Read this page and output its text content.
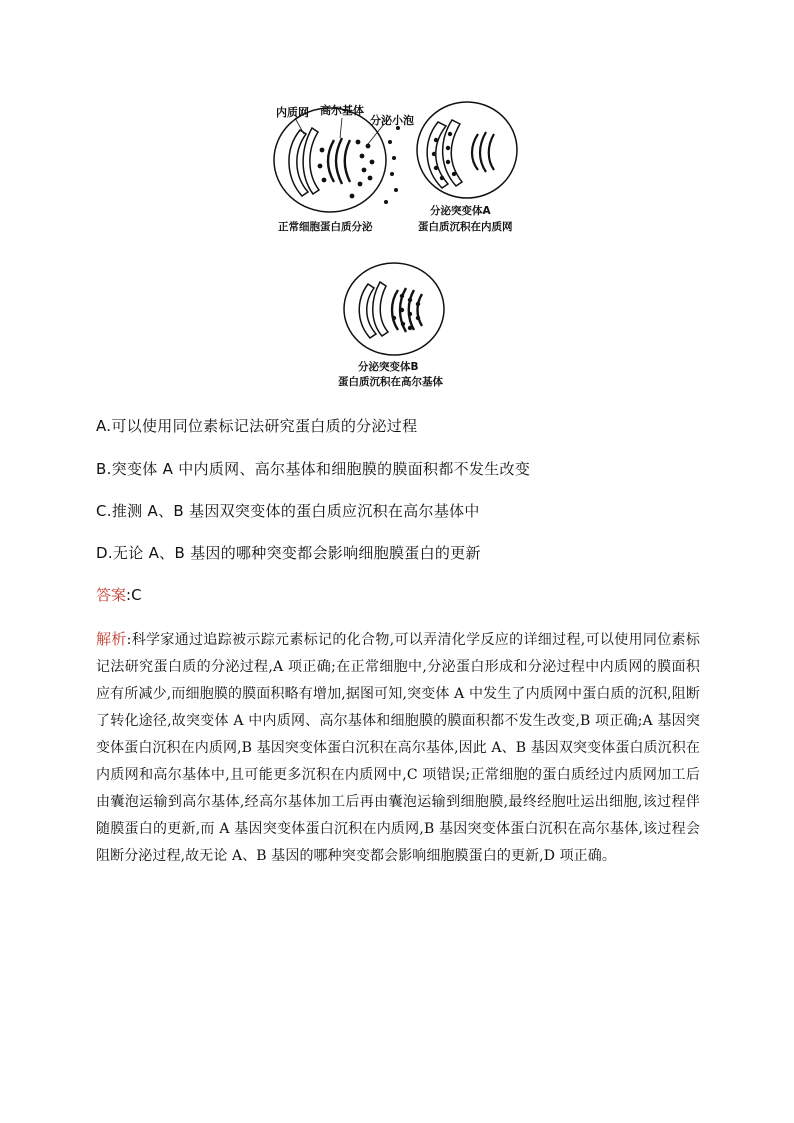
内质网 高尔基体
分泌小泡
正常细胞蛋白质分泌
分泌突变体A
蛋白质沉积在内质网
分泌突变体B
蛋白质沉积在高尔基体
A.可以使用同位素标记法研究蛋白质的分泌过程
B.突变体 A 中内质网、高尔基体和细胞膜的膜面积都不发生改变
C.推测 A、B 基因双突变体的蛋白质应沉积在高尔基体中
D.无论 A、B 基因的哪种突变都会影响细胞膜蛋白的更新
答案:C
解析:科学家通过追踪被示踪元素标记的化合物,可以弄清化学反应的详细过程,可以使用同位素标记法研究蛋白质的分泌过程,A 项正确;在正常细胞中,分泌蛋白形成和分泌过程中内质网的膜面积应有所减少,而细胞膜的膜面积略有增加,据图可知,突变体 A 中发生了内质网中蛋白质的沉积,阻断了转化途径,故突变体 A 中内质网、高尔基体和细胞膜的膜面积都不发生改变,B 项正确;A 基因突变体蛋白沉积在内质网,B 基因突变体蛋白沉积在高尔基体,因此 A、B 基因双突变体蛋白质沉积在内质网和高尔基体中,且可能更多沉积在内质网中,C 项错误;正常细胞的蛋白质经过内质网加工后由囊泡运输到高尔基体,经高尔基体加工后再由囊泡运输到细胞膜,最终经胞吐运出细胞,该过程伴随膜蛋白的更新,而 A 基因突变体蛋白沉积在内质网,B 基因突变体蛋白沉积在高尔基体,该过程会阻断分泌过程,故无论 A、B 基因的哪种突变都会影响细胞膜蛋白的更新,D 项正确。
